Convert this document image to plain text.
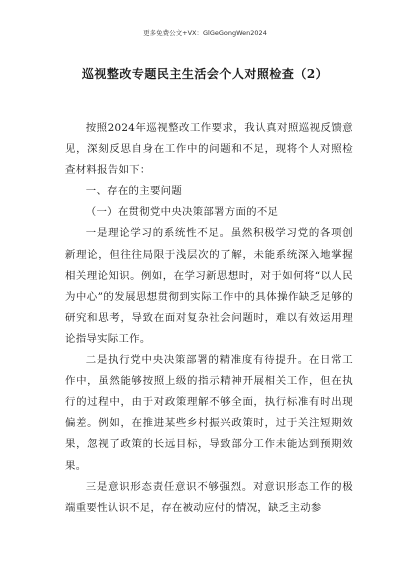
更多免费公文+VX：GlGeGongWen2024
巡视整改专题民主生活会个人对照检查（2）

按照2024年巡视整改工作要求，我认真对照巡视反馈意见，深刻反思自身在工作中的问题和不足，现将个人对照检查材料报告如下：

一、存在的主要问题

（一）在贯彻党中央决策部署方面的不足

一是理论学习的系统性不足。虽然积极学习党的各项创新理论，但往往局限于浅层次的了解，未能系统深入地掌握相关理论知识。例如，在学习新思想时，对于如何将“以人民为中心”的发展思想贯彻到实际工作中的具体操作缺乏足够的研究和思考，导致在面对复杂社会问题时，难以有效运用理论指导实际工作。

二是执行党中央决策部署的精准度有待提升。在日常工作中，虽然能够按照上级的指示精神开展相关工作，但在执行的过程中，由于对政策理解不够全面，执行标准有时出现偏差。例如，在推进某些乡村振兴政策时，过于关注短期效果，忽视了政策的长远目标，导致部分工作未能达到预期效果。

三是意识形态责任意识不够强烈。对意识形态工作的极端重要性认识不足，存在被动应付的情况，缺乏主动参
